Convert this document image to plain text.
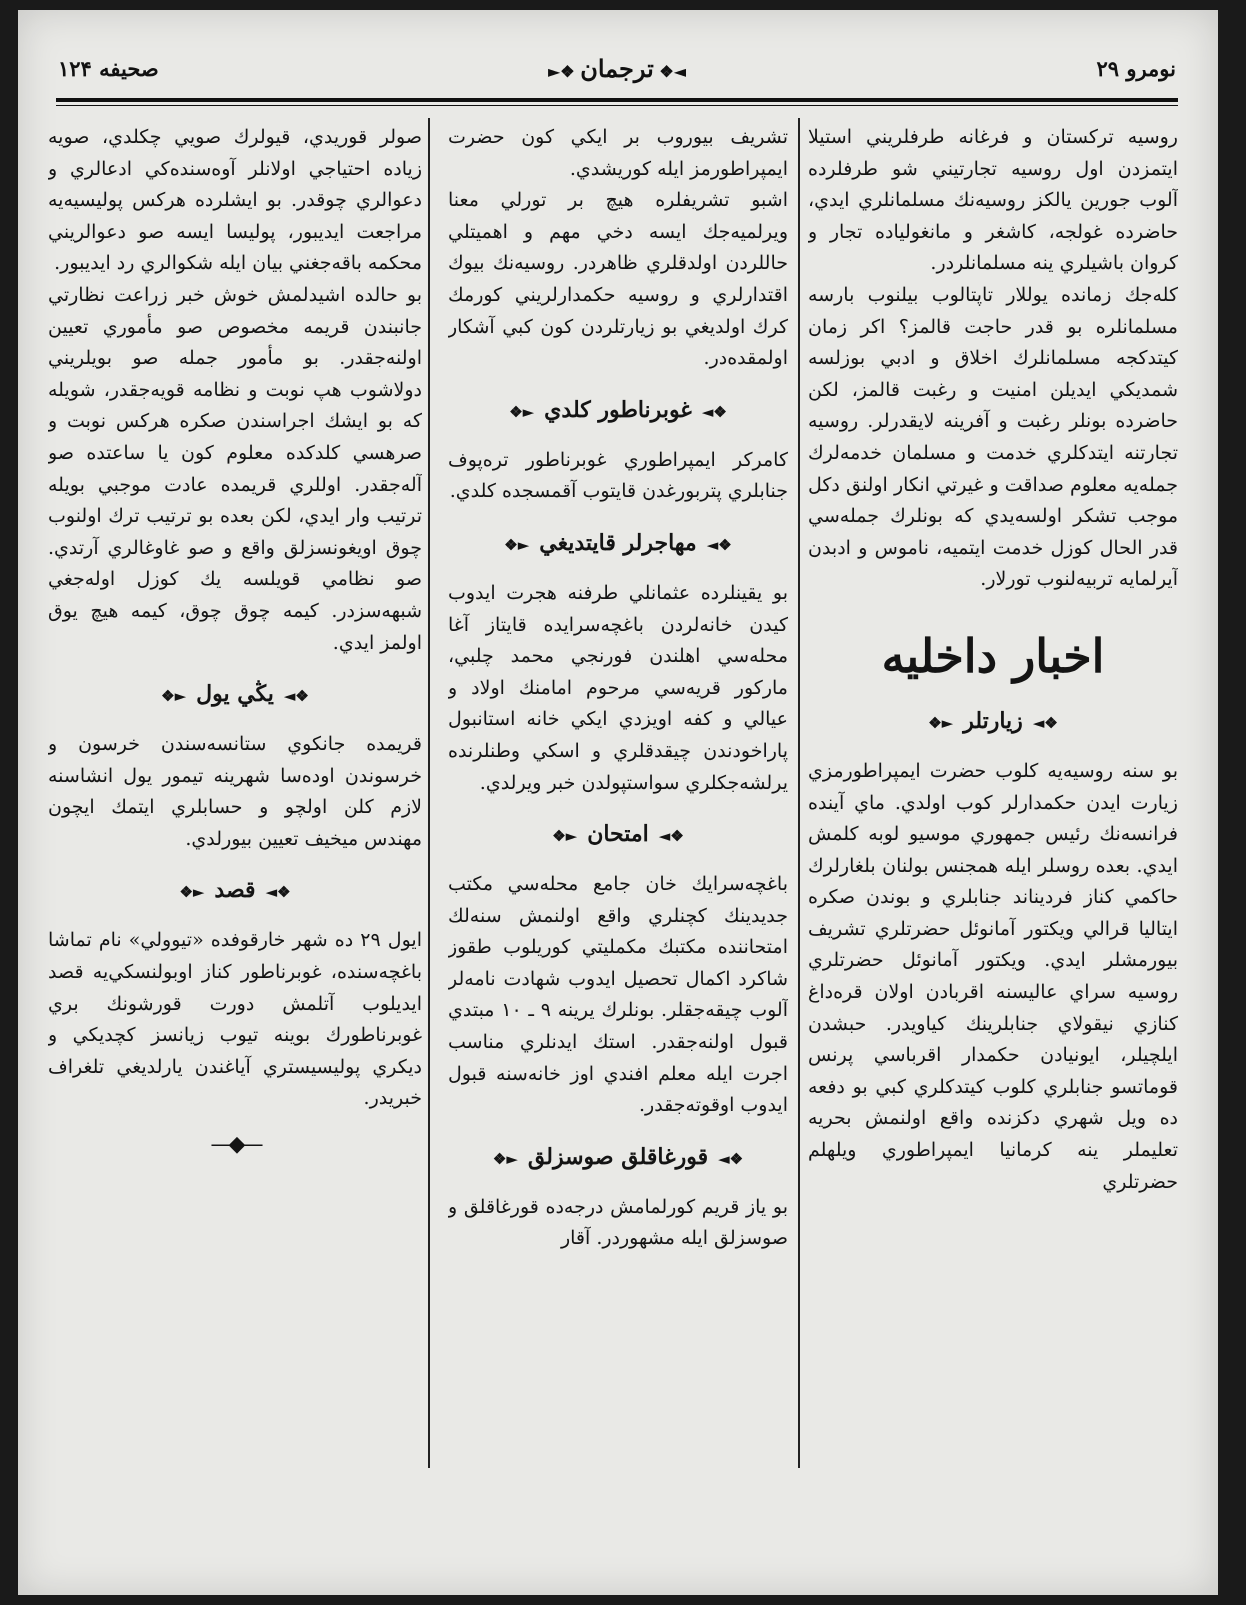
نومرو ۲۹
◄❖ ترجمان ❖►
صحيفه ۱۲۴

روسيه تركستان و فرغانه طرفلريني استيلا ايتمزدن اول روسيه تجارتيني شو طرفلرده آلوب جورين يالكز روسيه‌نك مسلمانلري ايدي، حاضرده غولجه، كاشغر و مانغوليا‌ده تجار و كروان باشيلري ينه مسلمانلردر.

كله‌جك زمانده يوللار تاپتالوب بيلنوب بارسه مسلمانلره بو قدر حاجت قالمز؟ اكر زمان كيتدكجه مسلمانلرك اخلاق و ادبي بوزلسه شمديكي ايديلن امنيت و رغبت قالمز، لكن حاضرده بونلر رغبت و آفرينه لايقدرلر. روسيه تجارتنه ايتدكلري خدمت و مسلمان خدمه‌لرك جمله‌يه معلوم صداقت و غيرتي انكار اولنق دكل موجب تشكر اولسه‌يدي كه بونلرك جمله‌سي قدر الحال كوزل خدمت ايتميه، ناموس و ادبدن آيرلمايه تربيه‌لنوب تورلار.

اخبار داخليه
❖◄زيارتلر►❖

بو سنه روسيه‌يه كلوب حضرت ايمپراطورمزي زيارت ايدن حكمدارلر كوب اولدي. ماي آينده فرانسه‌نك رئيس جمهوري موسيو لوبه كلمش ايدي. بعده روسلر ايله همجنس بولنان بلغارلرك حاكمي كناز فرديناند جنابلري و بوندن صكره ايتاليا قرالي ويكتور آمانوئل حضرتلري تشريف بيورمشلر ايدي. ويكتور آمانوئل حضرتلري روسيه سراي عاليسنه اقربادن اولان قره‌داغ كنازي نيقولاي جنابلرينك كياويدر. حبشدن ايلچيلر، ايونيادن حكمدار اقرباسي پرنس قوماتسو جنابلري كلوب كيتدكلري كبي بو دفعه ده ويل شهري دكزنده واقع اولنمش بحريه تعليملر ينه كرمانيا ايمپراطوري ويلهلم حضرتلري

تشريف بيوروب بر ايكي كون حضرت ايمپراطورمز ايله كوريشدي.

اشبو تشريفلره هيچ بر تورلي معنا ويرلميه‌جك ايسه دخي مهم و اهميتلي حاللردن اولدقلري ظاهردر. روسيه‌نك بيوك اقتدارلري و روسيه حكمدارلريني كورمك كرك اولديغي بو زيارتلردن كون كبي آشكار اولمقده‌در.

❖◄غوبرناطور كلدي►❖

كامركر ايمپراطوري غوبرناطور تره‌پوف جنابلري پتربورغدن قايتوب آقمسجده كلدي.

❖◄مهاجرلر قايتديغي►❖

بو يقينلرده عثمانلي طرفنه هجرت ايدوب كيدن خانه‌لردن باغچه‌سرايده قايتاز آغا محله‌سي اهلندن فورنجي محمد چلبي، ماركور قريه‌سي مرحوم امامنك اولاد و عيالي و كفه اويزدي ايكي خانه استانبول پاراخودندن چيقدقلري و اسكي وطنلرنده يرلشه‌جكلري سواستپولدن خبر ويرلدي.

❖◄امتحان►❖

باغچه‌سرايك خان جامع محله‌سي مكتب جديدينك كچنلري واقع اولنمش سنه‌لك امتحاننده مكتبك مكمليتي كوريلوب طقوز شاكرد اكمال تحصيل ايدوب شهادت نامه‌لر آلوب چيقه‌جقلر. بونلرك يرينه ۹ ـ ۱۰ مبتدي قبول اولنه‌جقدر. استك ايدنلري مناسب اجرت ايله معلم افندي اوز خانه‌سنه قبول ايدوب اوقوته‌جقدر.

❖◄قورغاقلق صوسزلق►❖

بو ياز قريم كورلمامش درجه‌ده قورغاقلق و صوسزلق ايله مشهوردر. آقار

صولر قوريدي، قيولرك صويي چكلدي، صويه زياده احتياجي اولانلر آوه‌سنده‌كي ادعالري و دعوالري چوقدر. بو ايشلرده هركس پوليسيه‌يه مراجعت ايديبور، پوليسا ايسه صو دعوالريني محكمه باقه‌جغني بيان ايله شكوالري رد ايديبور.

بو حالده اشيدلمش خوش خبر زراعت نظارتي جانبندن قريمه مخصوص صو مأموري تعيين اولنه‌جقدر. بو مأمور جمله صو بويلريني دولاشوب هپ نوبت و نظامه قويه‌جقدر، شويله كه بو ايشك اجراسندن صكره هركس نوبت و صرهسي كلدكده معلوم كون يا ساعتده صو آله‌جقدر. اوللري قريمده عادت موجبي بويله ترتيب وار ايدي، لكن بعده بو ترتيب ترك اولنوب چوق اويغونسزلق واقع و صو غاوغالري آرتدي. صو نظامي قويلسه يك كوزل اوله‌جغي شبهه‌سزدر. كيمه چوق چوق، كيمه هيچ يوق اولمز ايدي.

❖◄يڭي يول►❖

قريمده جانكوي ستانسه‌سندن خرسون و خرسوندن اوده‌سا شهرينه تيمور يول انشاسنه لازم كلن اولچو و حسابلري ايتمك ايچون مهندس ميخيف تعيين بيورلدي.

❖◄قصد►❖

ايول ۲۹ ده شهر خارقوفده «تيوولي» نام تماشا باغچه‌سنده، غوبرناطور كناز اوبولنسكي‌يه قصد ايديلوب آتلمش دورت قورشونك بري غوبرناطورك بوينه تيوب زيانسز كچديكي و ديكري پوليسيستري آياغندن يارلديغي تلغراف خبريدر.

—◆—
